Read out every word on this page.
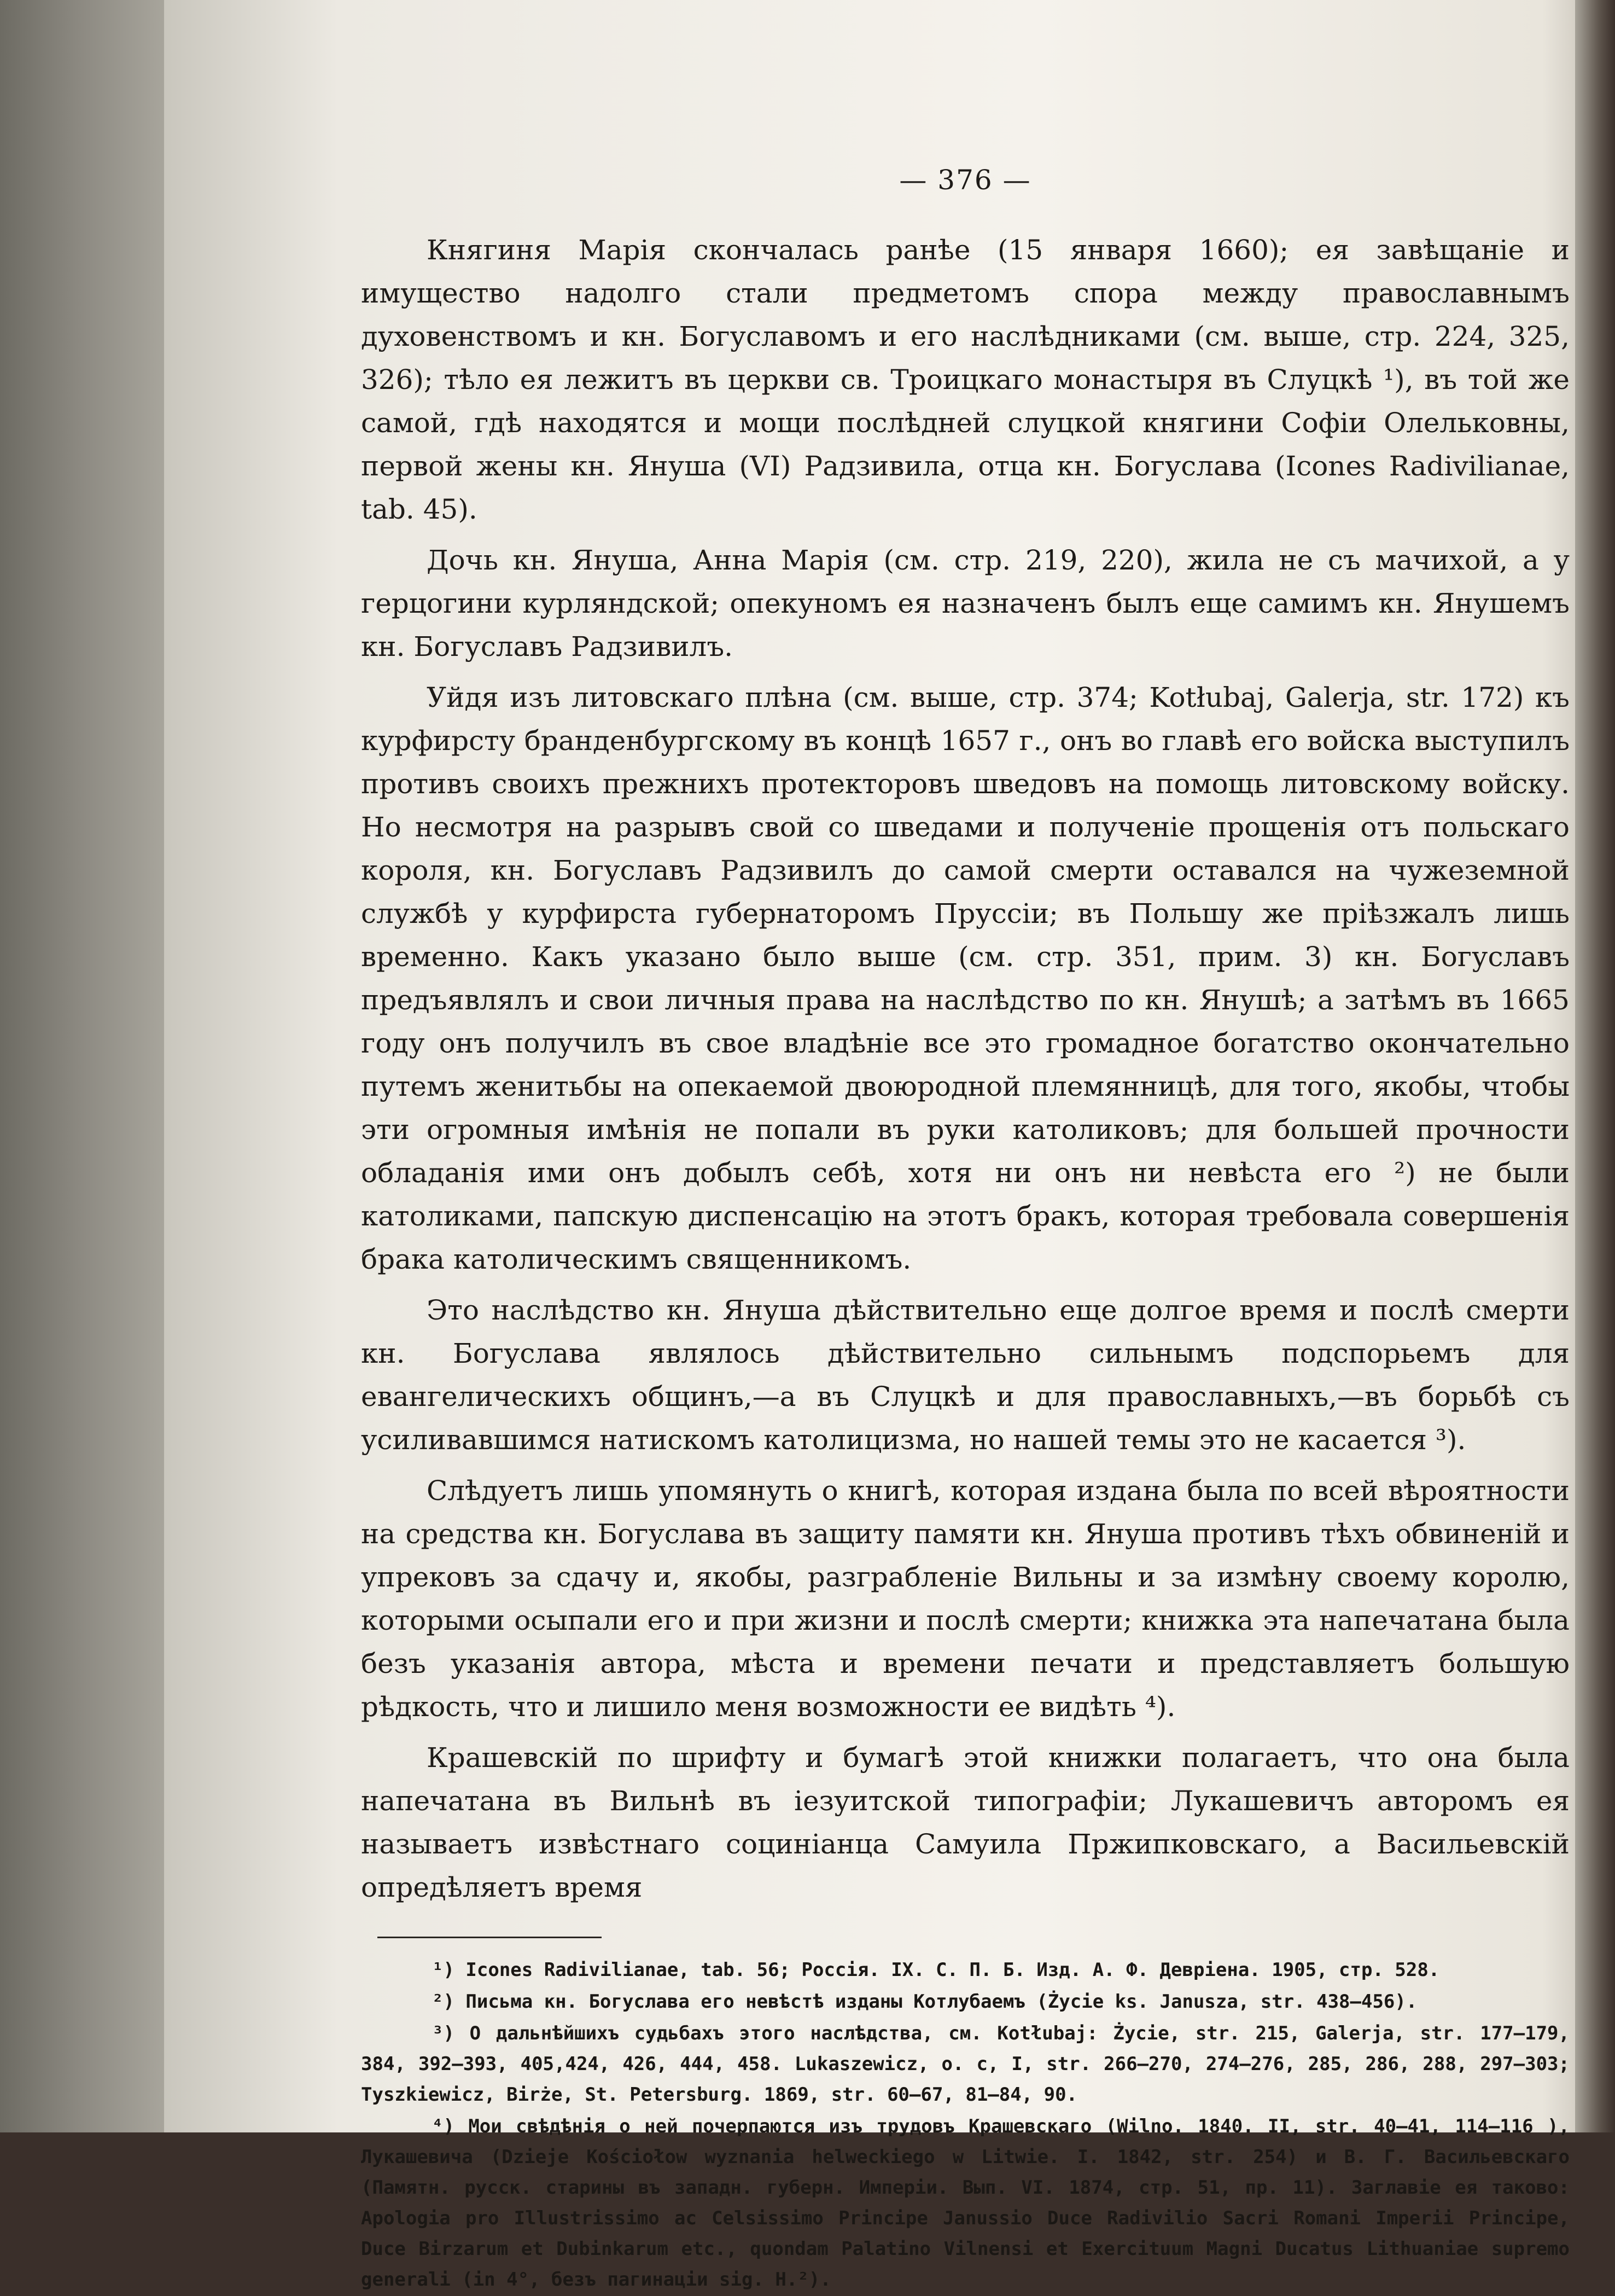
— 376 —

Княгиня Марія скончалась ранѣе (15 января 1660); ея завѣщаніе и имущество надолго стали предметомъ спора между православнымъ духовенствомъ и кн. Богуславомъ и его наслѣдниками (см. выше, стр. 224, 325, 326); тѣло ея лежитъ въ церкви св. Троицкаго монастыря въ Слуцкѣ ¹), въ той же самой, гдѣ находятся и мощи послѣдней слуцкой княгини Софіи Олельковны, первой жены кн. Януша (VI) Радзивила, отца кн. Богуслава (Icones Radivilianae, tab. 45).

Дочь кн. Януша, Анна Марія (см. стр. 219, 220), жила не съ мачихой, а у герцогини курляндской; опекуномъ ея назначенъ былъ еще самимъ кн. Янушемъ кн. Богуславъ Радзивилъ.

Уйдя изъ литовскаго плѣна (см. выше, стр. 374; Kotłubaj, Galerja, str. 172) къ курфирсту бранденбургскому въ концѣ 1657 г., онъ во главѣ его войска выступилъ противъ своихъ прежнихъ протекторовъ шведовъ на помощь литовскому войску. Но несмотря на разрывъ свой со шведами и полученіе прощенія отъ польскаго короля, кн. Богуславъ Радзивилъ до самой смерти оставался на чужеземной службѣ у курфирста губернаторомъ Пруссіи; въ Польшу же пріѣзжалъ лишь временно. Какъ указано было выше (см. стр. 351, прим. 3) кн. Богуславъ предъявлялъ и свои личныя права на наслѣдство по кн. Янушѣ; а затѣмъ въ 1665 году онъ получилъ въ свое владѣніе все это громадное богатство окончательно путемъ женитьбы на опекаемой двоюродной племянницѣ, для того, якобы, чтобы эти огромныя имѣнія не попали въ руки католиковъ; для большей прочности обладанія ими онъ добылъ себѣ, хотя ни онъ ни невѣста его ²) не были католиками, папскую диспенсацію на этотъ бракъ, которая требовала совершенія брака католическимъ священникомъ.

Это наслѣдство кн. Януша дѣйствительно еще долгое время и послѣ смерти кн. Богуслава являлось дѣйствительно сильнымъ подспорьемъ для евангелическихъ общинъ,—а въ Слуцкѣ и для православныхъ,—въ борьбѣ съ усиливавшимся натискомъ католицизма, но нашей темы это не касается ³).

Слѣдуетъ лишь упомянуть о книгѣ, которая издана была по всей вѣроятности на средства кн. Богуслава въ защиту памяти кн. Януша противъ тѣхъ обвиненій и упрековъ за сдачу и, якобы, разграбленіе Вильны и за измѣну своему королю, которыми осыпали его и при жизни и послѣ смерти; книжка эта напечатана была безъ указанія автора, мѣста и времени печати и представляетъ большую рѣдкость, что и лишило меня возможности ее видѣть ⁴).

Крашевскій по шрифту и бумагѣ этой книжки полагаетъ, что она была напечатана въ Вильнѣ въ іезуитской типографіи; Лукашевичъ авторомъ ея называетъ извѣстнаго социніанца Самуила Пржипковскаго, а Васильевскій опредѣляетъ время

¹) Icones Radivilianae, tab. 56; Россія. IX. С. П. Б. Изд. А. Ф. Девріена. 1905, стр. 528.

²) Письма кн. Богуслава его невѣстѣ изданы Котлубаемъ (Życie ks. Janusza, str. 438—456).

³) О дальнѣйшихъ судьбахъ этого наслѣдства, см. Kotłubaj: Życie, str. 215, Galerja, str. 177—179, 384, 392—393, 405,424, 426, 444, 458. Lukaszewicz, o. c, I, str. 266—270, 274—276, 285, 286, 288, 297—303; Tyszkiewicz, Birże, St. Petersburg. 1869, str. 60—67, 81—84, 90.

⁴) Мои свѣдѣнія о ней почерпаются изъ трудовъ Крашевскаго (Wilno. 1840. II, str. 40—41, 114—116 ), Лукашевича (Dzieje Kościołow wyznania helweckiego w Litwie. I. 1842, str. 254) и В. Г. Васильевскаго (Памятн. русск. старины въ западн. губерн. Имперіи. Вып. VI. 1874, стр. 51, пр. 11). Заглавіе ея таково: Apologia pro Illustrissimo ac Celsissimo Principe Janussio Duce Radivilio Sacri Romani Imperii Principe, Duce Birzarum et Dubinkarum etc., quondam Palatino Vilnensi et Exercituum Magni Ducatus Lithuaniae supremo generali (in 4°, безъ пагинаціи sig. H.²).
